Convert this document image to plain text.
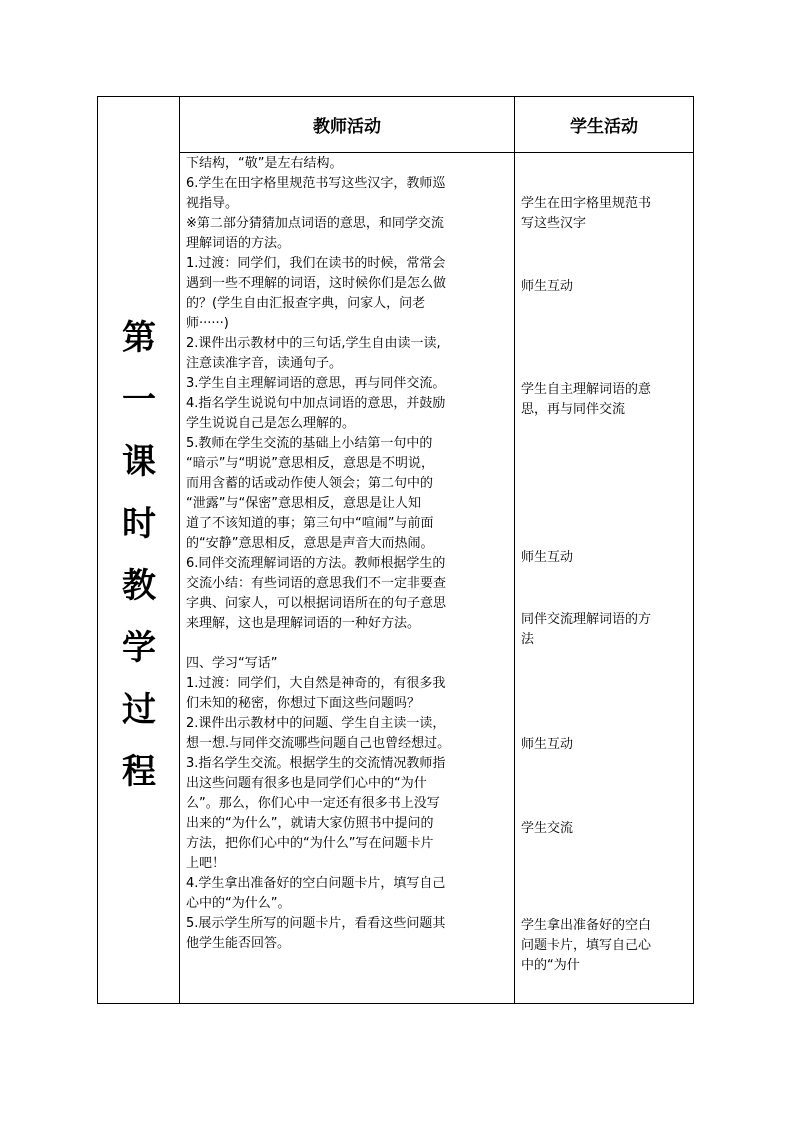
第
一
课
时
教
学
过
程
教师活动	学生活动
下结构，“敬”是左右结构。
6.学生在田字格里规范书写这些汉字，教师巡
视指导。
※第二部分猜猜加点词语的意思，和同学交流
理解词语的方法。
1.过渡：同学们，我们在读书的时候，常常会
遇到一些不理解的词语，这时候你们是怎么做
的？(学生自由汇报查字典，问家人，问老
师······)
2.课件出示教材中的三句话,学生自由读一读,
注意读准字音，读通句子。
3.学生自主理解词语的意思，再与同伴交流。
4.指名学生说说句中加点词语的意思，并鼓励
学生说说自己是怎么理解的。
5.教师在学生交流的基础上小结第一句中的
“暗示”与“明说”意思相反，意思是不明说，
而用含蓄的话或动作使人领会；第二句中的
“泄露”与“保密”意思相反，意思是让人知
道了不该知道的事；第三句中“喧闹”与前面
的“安静”意思相反，意思是声音大而热闹。
6.同伴交流理解词语的方法。教师根据学生的
交流小结：有些词语的意思我们不一定非要查
字典、问家人，可以根据词语所在的句子意思
来理解，这也是理解词语的一种好方法。
四、学习“写话”
1.过渡：同学们，大自然是神奇的，有很多我
们未知的秘密，你想过下面这些问题吗？
2.课件出示教材中的问题、学生自主读一读，
想一想.与同伴交流哪些问题自己也曾经想过。
3.指名学生交流。根据学生的交流情况教师指
出这些问题有很多也是同学们心中的“为什
么”。那么，你们心中一定还有很多书上没写
出来的“为什么”，就请大家仿照书中提问的
方法，把你们心中的“为什么”写在问题卡片
上吧！
4.学生拿出准备好的空白问题卡片，填写自己
心中的“为什么”。
5.展示学生所写的问题卡片，看看这些问题其
他学生能否回答。
学生在田字格里规范书
写这些汉字
师生互动
学生自主理解词语的意
思，再与同伴交流
师生互动
同伴交流理解词语的方
法
师生互动
学生交流
学生拿出准备好的空白
问题卡片，填写自己心
中的“为什
